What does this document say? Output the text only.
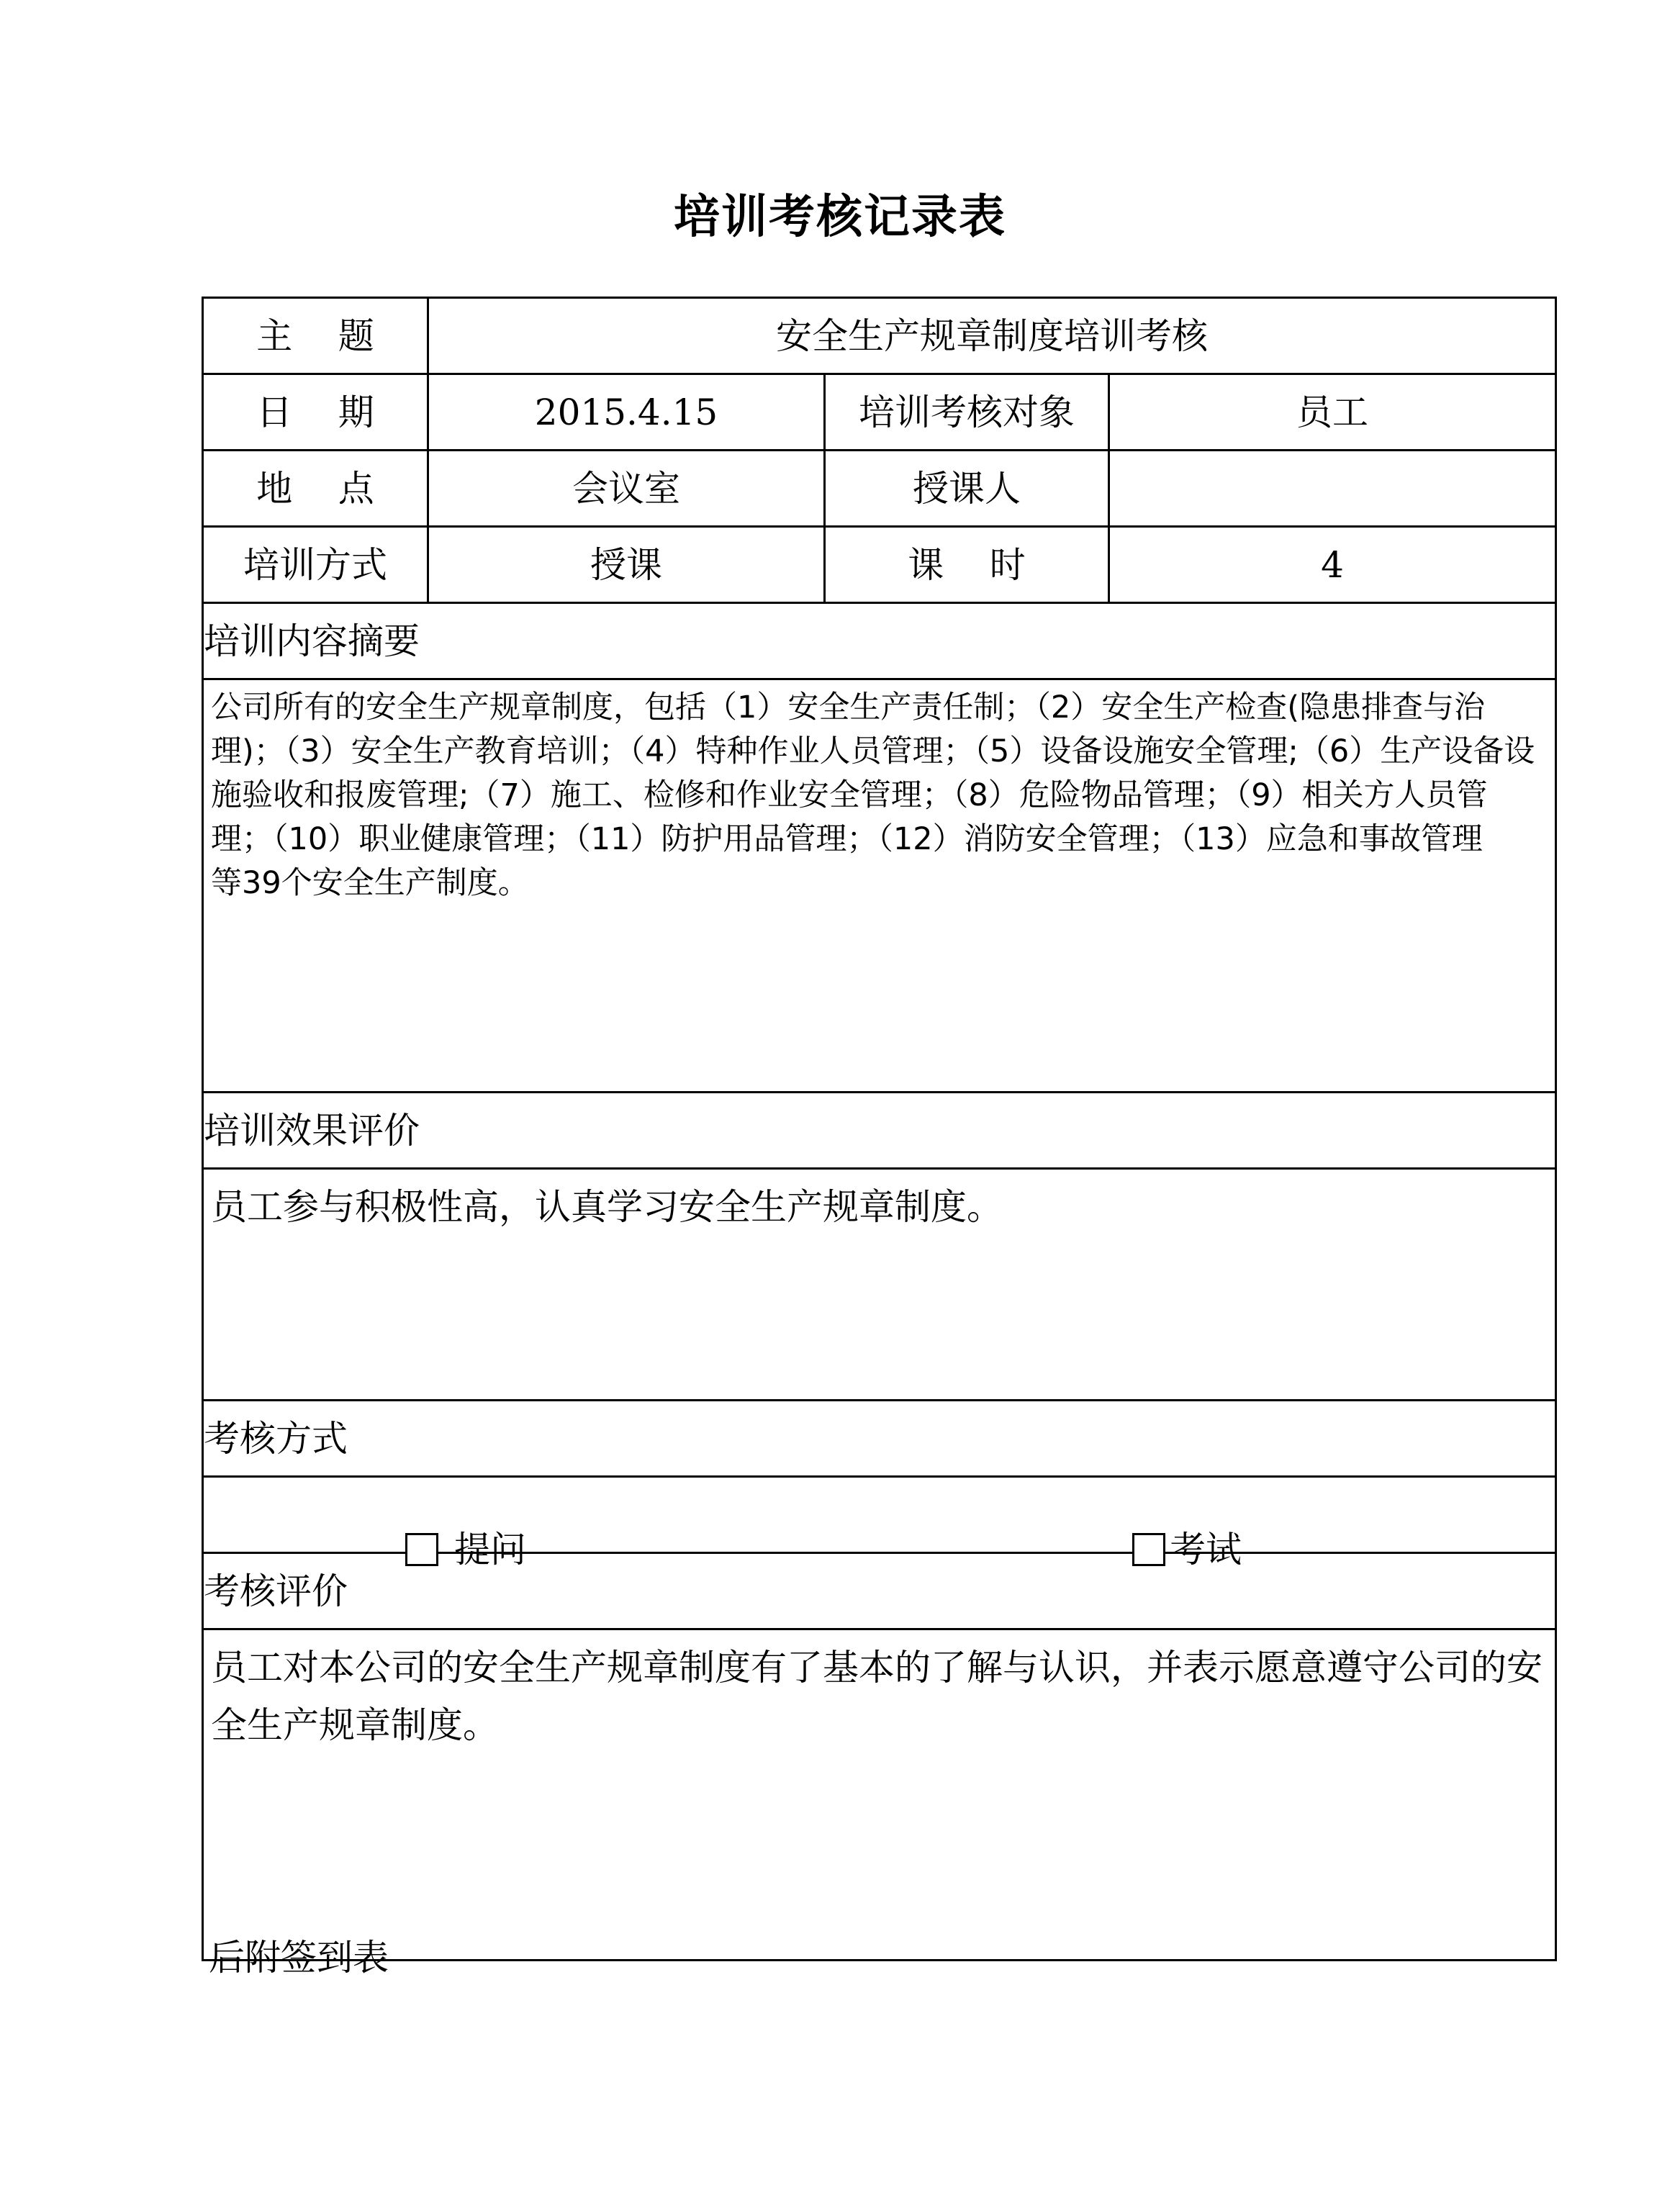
培训考核记录表
主    题	安全生产规章制度培训考核		
日    期	2015.4.15	培训考核对象	员工
地    点	会议室	授课人	
培训方式	授课	课    时	4
培训内容摘要			

公司所有的安全生产规章制度，包括（1）安全生产责任制；（2）安全生产检查(隐患排查与治理)；（3）安全生产教育培训；（4）特种作业人员管理；（5）设备设施安全管理;（6）生产设备设施验收和报废管理;（7）施工、检修和作业安全管理；（8）危险物品管理；（9）相关方人员管理；（10）职业健康管理；（11）防护用品管理；（12）消防安全管理；（13）应急和事故管理　　等39个安全生产制度。			

培训效果评价			

员工参与积极性高，认真学习安全生产规章制度。			

考核方式			

提问 考试			

考核评价			

员工对本公司的安全生产规章制度有了基本的了解与认识，并表示愿意遵守公司的安全生产规章制度。			
后附签到表
